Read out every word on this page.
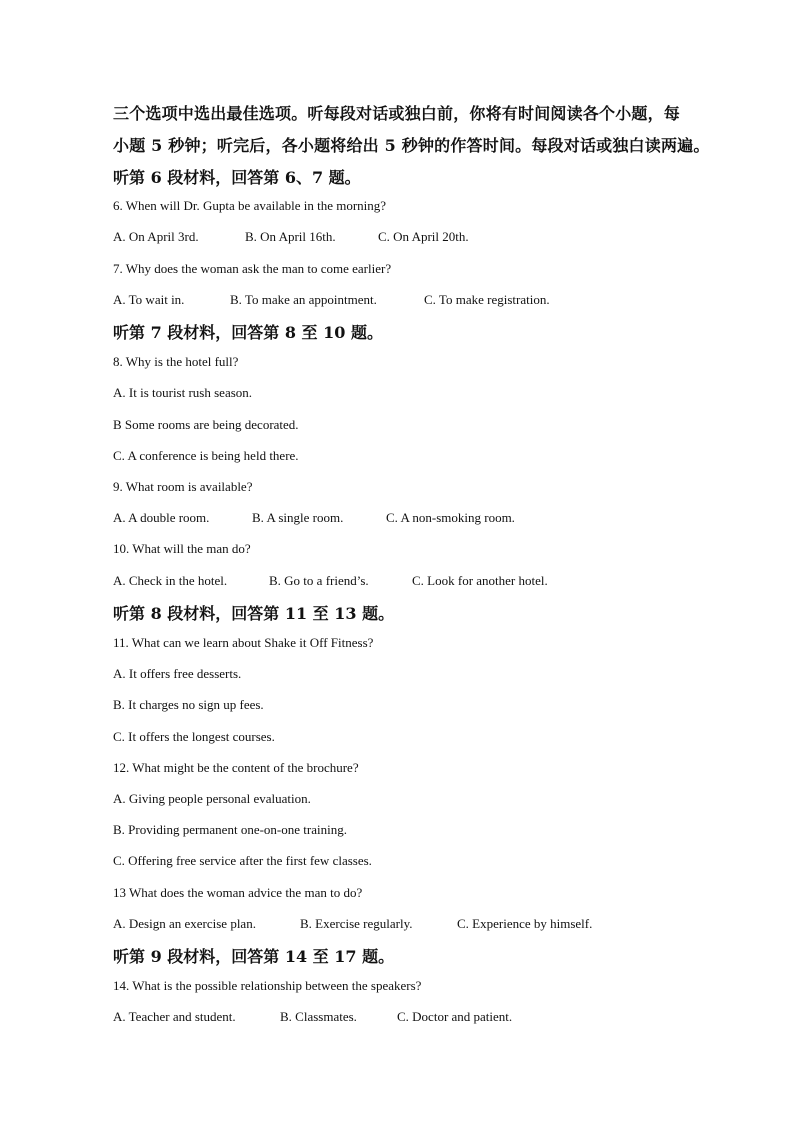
三个选项中选出最佳选项。听每段对话或独白前，你将有时间阅读各个小题，每
小题 5 秒钟；听完后，各小题将给出 5 秒钟的作答时间。每段对话或独白读两遍。
听第 6 段材料，回答第 6、7 题。
6. When will Dr. Gupta be available in the morning?
A. On April 3rd.	B. On April 16th.	C. On April 20th.
7. Why does the woman ask the man to come earlier?
A. To wait in.	B. To make an appointment.	C. To make registration.
听第 7 段材料，回答第 8 至 10 题。
8. Why is the hotel full?
A. It is tourist rush season.
B Some rooms are being decorated.
C. A conference is being held there.
9. What room is available?
A. A double room.	B. A single room.	C. A non-smoking room.
10. What will the man do?
A. Check in the hotel.	B. Go to a friend’s.	C. Look for another hotel.
听第 8 段材料，回答第 11 至 13 题。
11. What can we learn about Shake it Off Fitness?
A. It offers free desserts.
B. It charges no sign up fees.
C. It offers the longest courses.
12. What might be the content of the brochure?
A. Giving people personal evaluation.
B. Providing permanent one-on-one training.
C. Offering free service after the first few classes.
13 What does the woman advice the man to do?
A. Design an exercise plan.	B. Exercise regularly.	C. Experience by himself.
听第 9 段材料，回答第 14 至 17 题。
14. What is the possible relationship between the speakers?
A. Teacher and student.	B. Classmates.	C. Doctor and patient.
